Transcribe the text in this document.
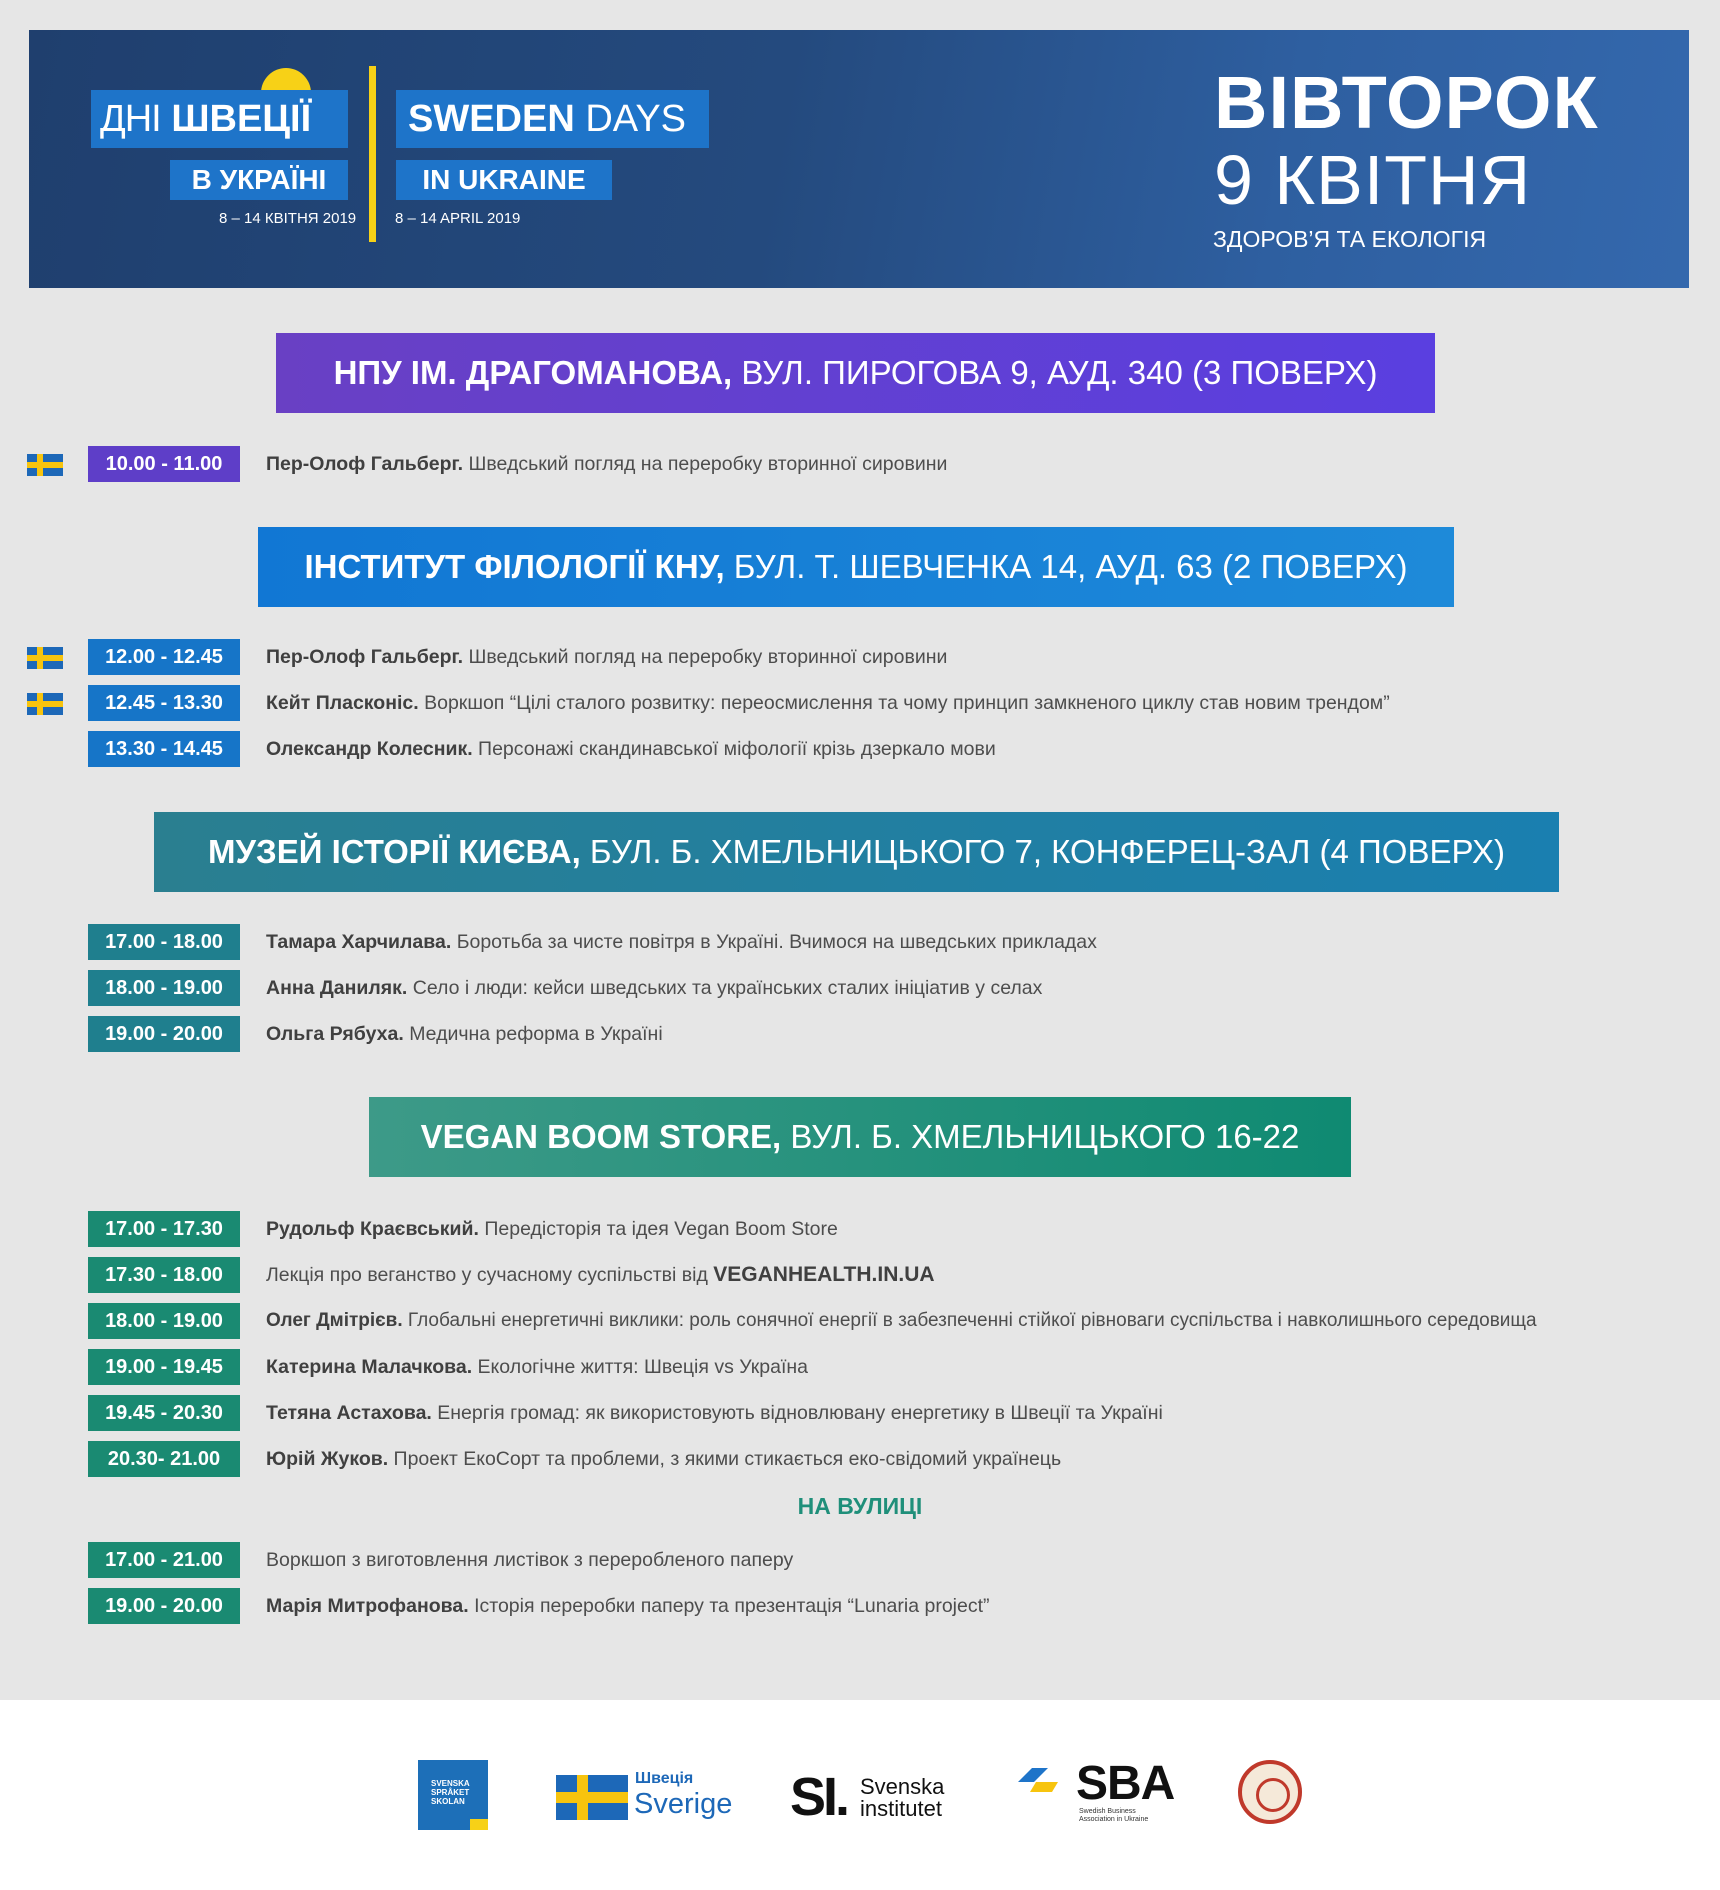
ДНІ ШВЕЦІЇ
В УКРАЇНІ
8 – 14 КВІТНЯ 2019
SWEDEN DAYS
IN UKRAINE
8 – 14 APRIL 2019
ВІВТОРОК
9 КВІТНЯ
ЗДОРОВ’Я ТА ЕКОЛОГІЯ
НПУ ІМ. ДРАГОМАНОВА, ВУЛ. ПИРОГОВА 9, АУД. 340 (3 ПОВЕРХ)
10.00 - 11.00	Пер-Олоф Гальберг. Шведський погляд на переробку вторинної сировини
ІНСТИТУТ ФІЛОЛОГІЇ КНУ, БУЛ. Т. ШЕВЧЕНКА 14, АУД. 63 (2 ПОВЕРХ)
12.00 - 12.45	Пер-Олоф Гальберг. Шведський погляд на переробку вторинної сировини
12.45 - 13.30	Кейт Пласконіс. Воркшоп “Цілі сталого розвитку: переосмислення та чому принцип замкненого циклу став новим трендом”
13.30 - 14.45	Олександр Колесник. Персонажі скандинавської міфології крізь дзеркало мови
МУЗЕЙ ІСТОРІЇ КИЄВА, БУЛ. Б. ХМЕЛЬНИЦЬКОГО 7, КОНФЕРЕЦ-ЗАЛ (4 ПОВЕРХ)
17.00 - 18.00	Тамара Харчилава. Боротьба за чисте повітря в Україні. Вчимося на шведських прикладах
18.00 - 19.00	Анна Даниляк. Село і люди: кейси шведських та українських сталих ініціатив у селах
19.00 - 20.00	Ольга Рябуха. Медична реформа в Україні
VEGAN BOOM STORE, ВУЛ. Б. ХМЕЛЬНИЦЬКОГО 16-22
17.00 - 17.30	Рудольф Краєвський. Передісторія та ідея Vegan Boom Store
17.30 - 18.00	Лекція про веганство у сучасному суспільстві від VEGANHEALTH.IN.UA
18.00 - 19.00	Олег Дмітрієв. Глобальні енергетичні виклики: роль сонячної енергії в забезпеченні стійкої рівноваги суспільства і навколишнього середовища
19.00 - 19.45	Катерина Малачкова. Екологічне життя: Швеція vs Україна
19.45 - 20.30	Тетяна Астахова. Енергія громад: як використовують відновлювану енергетику в Швеції та Україні
20.30- 21.00	Юрій Жуков. Проект ЕкоСорт та проблеми, з якими стикається еко-свідомий українець
НА ВУЛИЦІ
17.00 - 21.00	Воркшоп з виготовлення листівок з переробленого паперу
19.00 - 20.00	Марія Митрофанова. Історія переробки паперу та презентація “Lunaria project”
SVENSKA
SPRÅKET
SKOLAN
Швеція
Sverige SI. Svenska
institutet	SBA
Swedish Business
Association in Ukraine
